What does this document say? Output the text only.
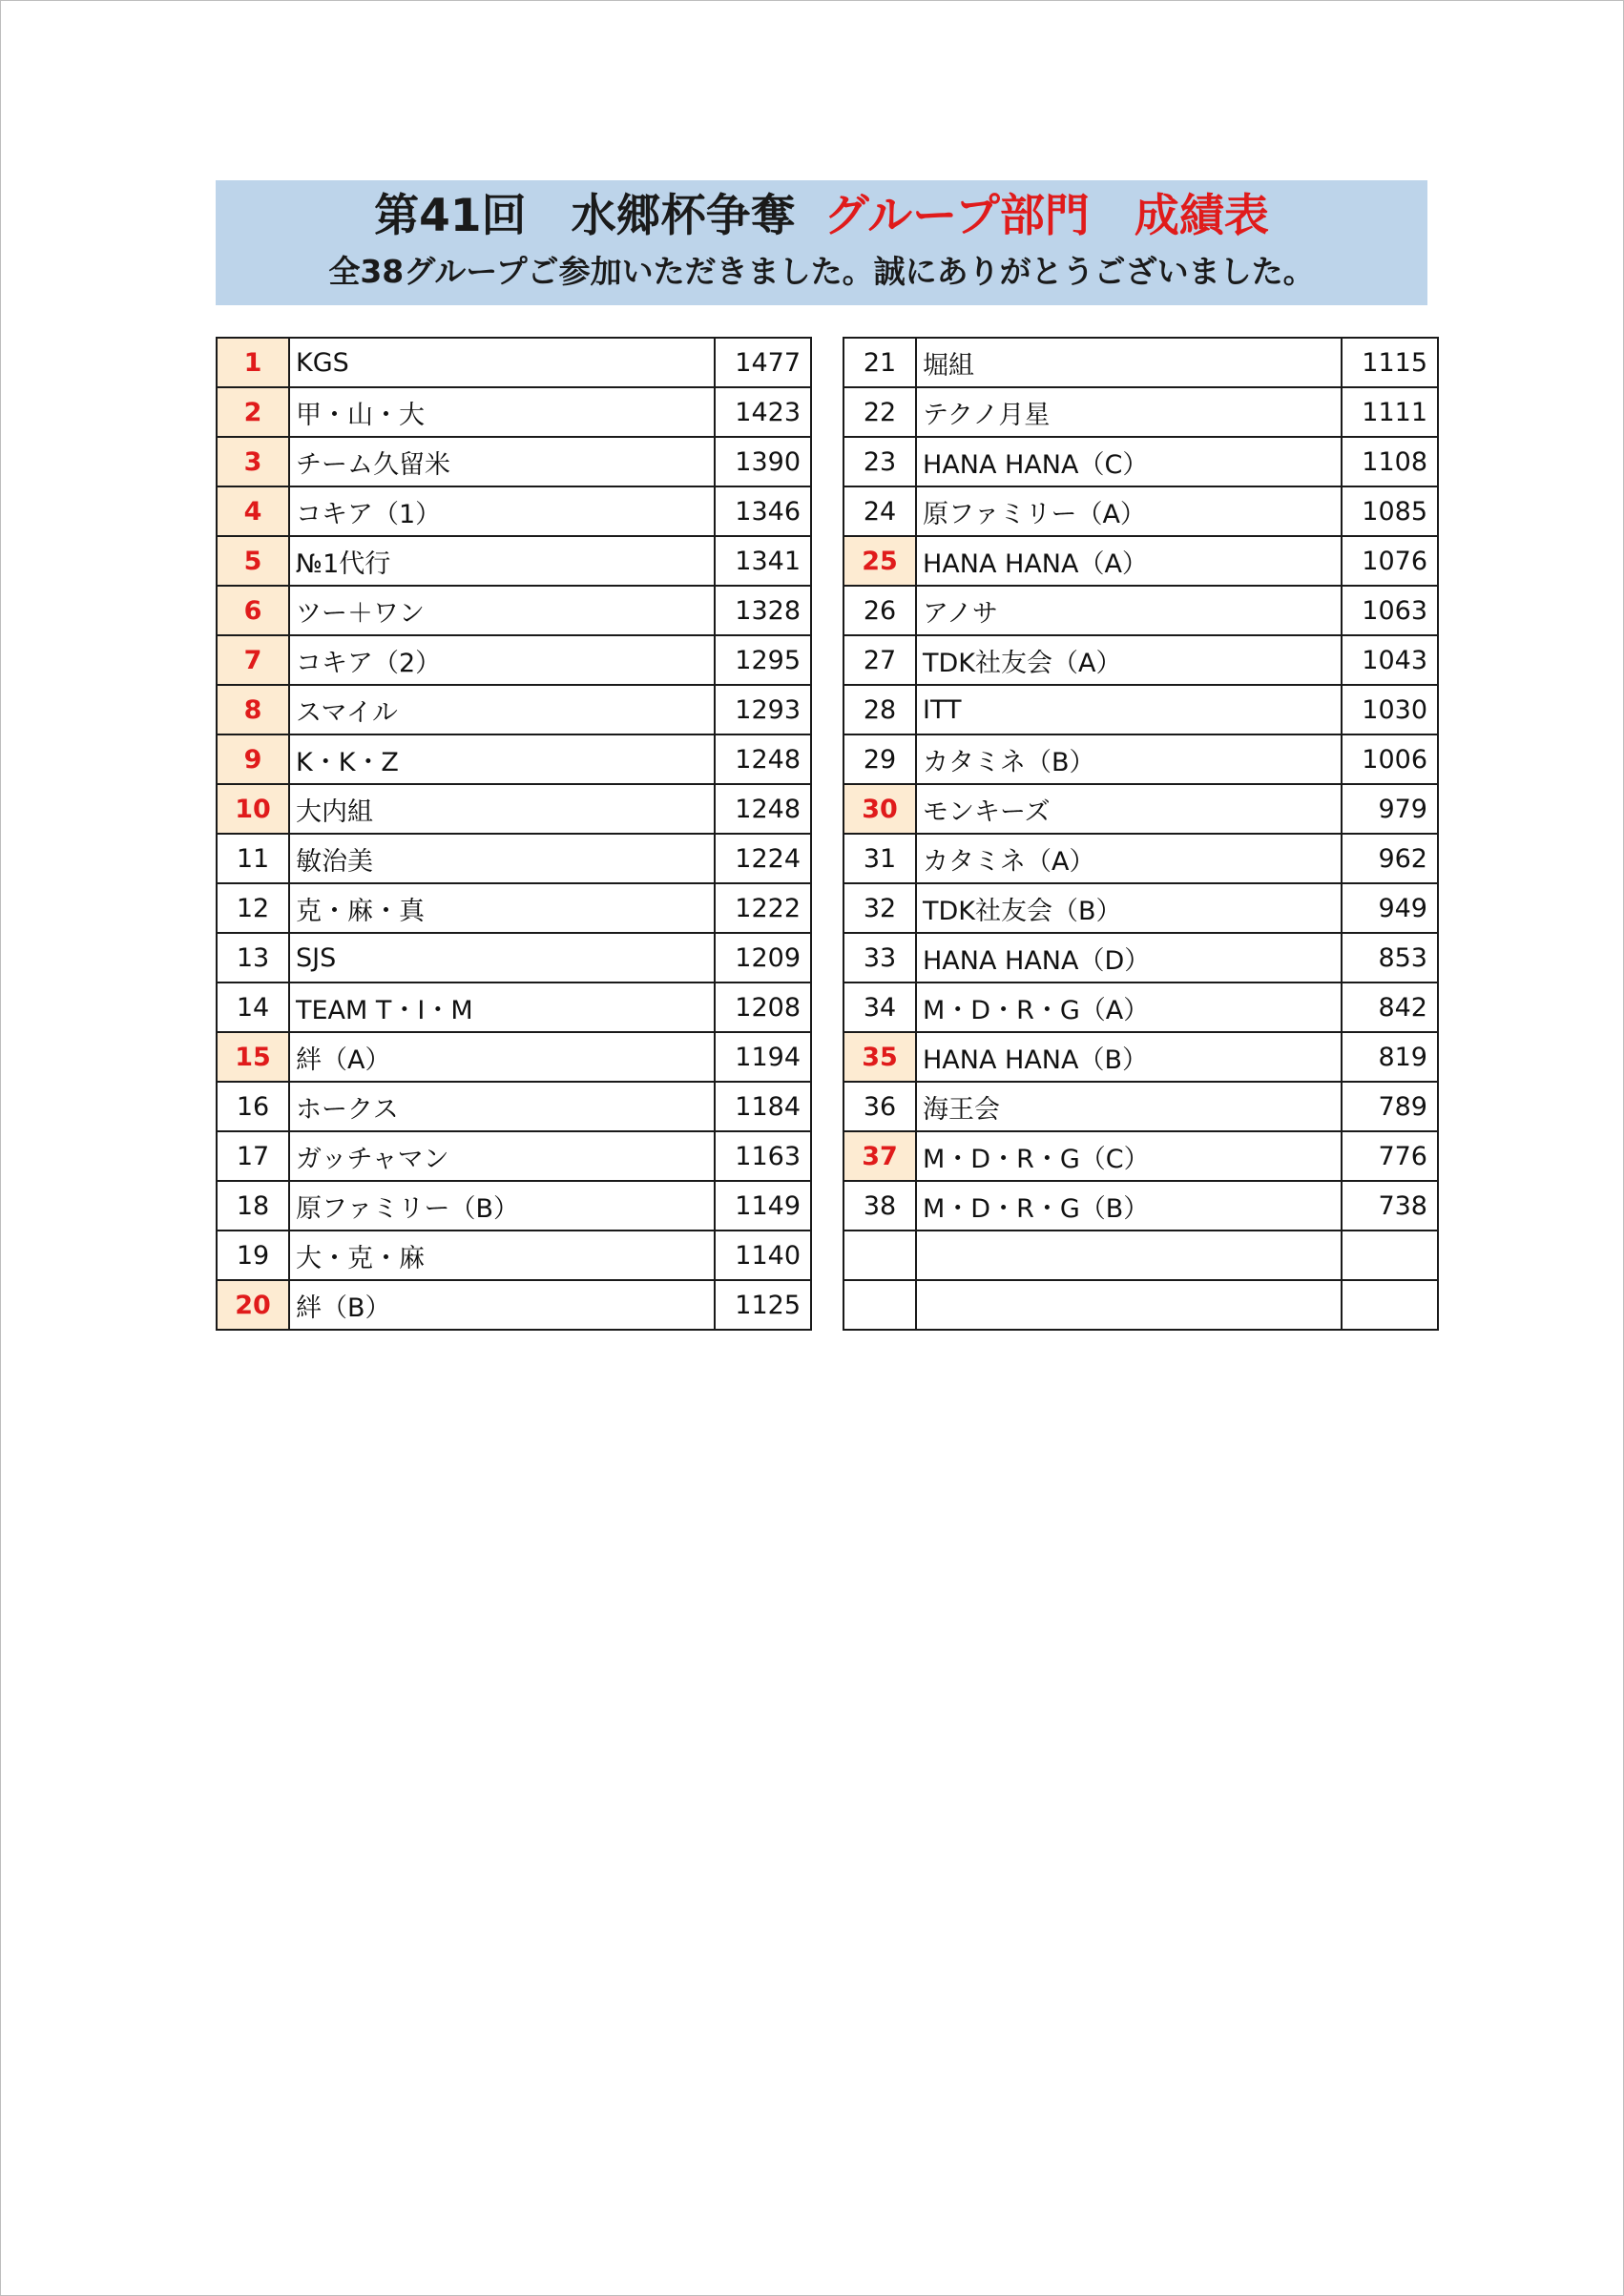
第41回　水郷杯争奪 グループ部門　成績表
全38グループご参加いただきました。誠にありがとうございました。
1	KGS	1477
2	甲・山・大	1423
3	チーム久留米	1390
4	コキア（1）	1346
5	№1代行	1341
6	ツー＋ワン	1328
7	コキア（2）	1295
8	スマイル	1293
9	K・K・Z	1248
10	大内組	1248
11	敏治美	1224
12	克・麻・真	1222
13	SJS	1209
14	TEAM T・I・M	1208
15	絆（A）	1194
16	ホークス	1184
17	ガッチャマン	1163
18	原ファミリー（B）	1149
19	大・克・麻	1140
20	絆（B）	1125
21	堀組	1115
22	テクノ月星	1111
23	HANA HANA（C）	1108
24	原ファミリー（A）	1085
25	HANA HANA（A）	1076
26	アノサ	1063
27	TDK社友会（A）	1043
28	ITT	1030
29	カタミネ（B）	1006
30	モンキーズ	979
31	カタミネ（A）	962
32	TDK社友会（B）	949
33	HANA HANA（D）	853
34	M・D・R・G（A）	842
35	HANA HANA（B）	819
36	海王会	789
37	M・D・R・G（C）	776
38	M・D・R・G（B）	738
